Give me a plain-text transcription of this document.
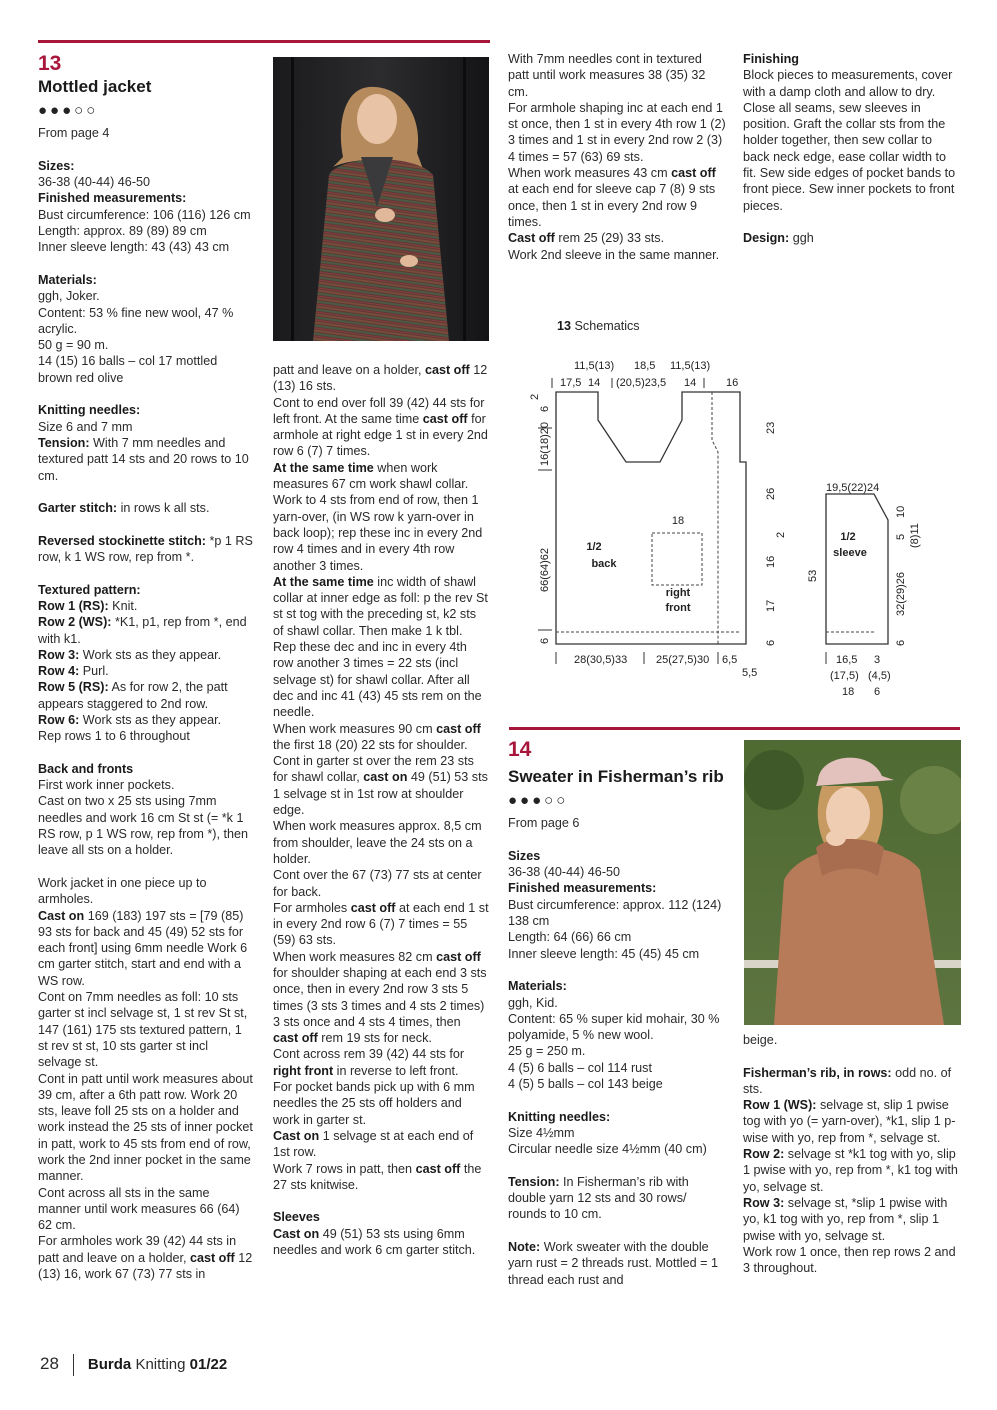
13
Mottled jacket
●●●○○

From page 4

Sizes:

36-38 (40-44) 46-50

Finished measurements:

Bust circumference: 106 (116) 126 cm

Length: approx. 89 (89) 89 cm

Inner sleeve length: 43 (43) 43 cm

Materials:

ggh, Joker.

Content: 53 % fine new wool, 47 % acrylic.

50 g = 90 m.

14 (15) 16 balls – col 17 mottled brown red olive

Knitting needles:

Size 6 and 7 mm

Tension: With 7 mm needles and textured patt 14 sts and 20 rows to 10 cm.

Garter stitch: in rows k all sts.

Reversed stockinette stitch: *p 1 RS row, k 1 WS row, rep from *.

Textured pattern:

Row 1 (RS): Knit.

Row 2 (WS): *K1, p1, rep from *, end with k1.

Row 3: Work sts as they appear.

Row 4: Purl.

Row 5 (RS): As for row 2, the patt appears staggered to 2nd row.

Row 6: Work sts as they appear.

Rep rows 1 to 6 throughout

Back and fronts

First work inner pockets.

Cast on two x 25 sts using 7mm needles and work 16 cm St st (= *k 1 RS row, p 1 WS row, rep from *), then leave all sts on a holder.

Work jacket in one piece up to armholes.

Cast on 169 (183) 197 sts = [79 (85) 93 sts for back and 45 (49) 52 sts for each front] using 6mm needle Work 6 cm garter stitch, start and end with a WS row.

Cont on 7mm needles as foll: 10 sts garter st incl selvage st, 1 st rev St st, 147 (161) 175 sts textured pattern, 1 st rev st st, 10 sts garter st incl selvage st.

Cont in patt until work measures about 39 cm, after a 6th patt row. Work 20 sts, leave foll 25 sts on a holder and work instead the 25 sts of inner pocket in patt, work to 45 sts from end of row, work the 2nd inner pocket in the same manner.

Cont across all sts in the same manner until work measures 66 (64) 62 cm.

For armholes work 39 (42) 44 sts in patt and leave on a holder, cast off 12 (13) 16, work 67 (73) 77 sts in

patt and leave on a holder, cast off 12 (13) 16 sts.

Cont to end over foll 39 (42) 44 sts for left front. At the same time cast off for armhole at right edge 1 st in every 2nd row 6 (7) 7 times.

At the same time when work measures 67 cm work shawl collar. Work to 4 sts from end of row, then 1 yarn-over, (in WS row k yarn-over in back loop); rep these inc in every 2nd row 4 times and in every 4th row another 3 times.

At the same time inc width of shawl collar at inner edge as foll: p the rev St st st tog with the preceding st, k2 sts of shawl collar. Then make 1 k tbl. Rep these dec and inc in every 4th row another 3 times = 22 sts (incl selvage st) for shawl collar. After all dec and inc 41 (43) 45 sts rem on the needle.

When work measures 90 cm cast off the first 18 (20) 22 sts for shoulder.

Cont in garter st over the rem 23 sts for shawl collar, cast on 49 (51) 53 sts 1 selvage st in 1st row at shoulder edge.

When work measures approx. 8,5 cm from shoulder, leave the 24 sts on a holder.

Cont over the 67 (73) 77 sts at center for back.

For armholes cast off at each end 1 st in every 2nd row 6 (7) 7 times = 55 (59) 63 sts.

When work measures 82 cm cast off for shoulder shaping at each end 3 sts once, then in every 2nd row 3 sts 5 times (3 sts 3 times and 4 sts 2 times) 3 sts once and 4 sts 4 times, then cast off rem 19 sts for neck.

Cont across rem 39 (42) 44 sts for right front in reverse to left front.

For pocket bands pick up with 6 mm needles the 25 sts off holders and work in garter st.

Cast on 1 selvage st at each end of 1st row.

Work 7 rows in patt, then cast off the 27 sts knitwise.

Sleeves

Cast on 49 (51) 53 sts using 6mm needles and work 6 cm garter stitch.

With 7mm needles cont in textured patt until work measures 38 (35) 32 cm.

For armhole shaping inc at each end 1 st once, then 1 st in every 4th row 1 (2) 3 times and 1 st in every 2nd row 2 (3) 4 times = 57 (63) 69 sts.

When work measures 43 cm cast off at each end for sleeve cap 7 (8) 9 sts once, then 1 st in every 2nd row 9 times.

Cast off rem 25 (29) 33 sts.

Work 2nd sleeve in the same manner.

Finishing

Block pieces to measurements, cover with a damp cloth and allow to dry. Close all seams, sew sleeves in position. Graft the collar sts from the holder together, then sew collar to back neck edge, ease collar width to fit. Sew side edges of pocket bands to front piece. Sew inner pockets to front pieces.

Design: ggh

13 Schematics
11,5(13) 18,5 11,5(13)
17,5 14 (20,5)23,5 14	16
2
6
16(18)20
66(64)62
6
1/2
back
18
right
front
23
26
2
16
17
6
28(30,5)33	25(27,5)30 6,5
5,5
19,5(22)24
53
1/2
sleeve
5
10
(8)11
32(29)26
6
16,5
(17,5)
18
3
(4,5)
6
14
Sweater in Fisherman’s rib
●●●○○

From page 6

Sizes

36-38 (40-44) 46-50

Finished measurements:

Bust circumference: approx. 112 (124) 138 cm

Length: 64 (66) 66 cm

Inner sleeve length: 45 (45) 45 cm

Materials:

ggh, Kid.

Content: 65 % super kid mohair, 30 % polyamide, 5 % new wool.

25 g = 250 m.

4 (5) 6 balls – col 114 rust

4 (5) 5 balls – col 143 beige

Knitting needles:

Size 4½mm

Circular needle size 4½mm (40 cm)

Tension: In Fisherman’s rib with double yarn 12 sts and 30 rows/ rounds to 10 cm.

Note: Work sweater with the double yarn rust = 2 threads rust. Mottled = 1 thread each rust and

beige.

Fisherman’s rib, in rows: odd no. of sts.

Row 1 (WS): selvage st, slip 1 pwise tog with yo (= yarn-over), *k1, slip 1 p-wise with yo, rep from *, selvage st.

Row 2: selvage st *k1 tog with yo, slip 1 pwise with yo, rep from *, k1 tog with yo, selvage st.

Row 3: selvage st, *slip 1 pwise with yo, k1 tog with yo, rep from *, slip 1 pwise with yo, selvage st.

Work row 1 once, then rep rows 2 and 3 throughout.

28 Burda Knitting 01/22
